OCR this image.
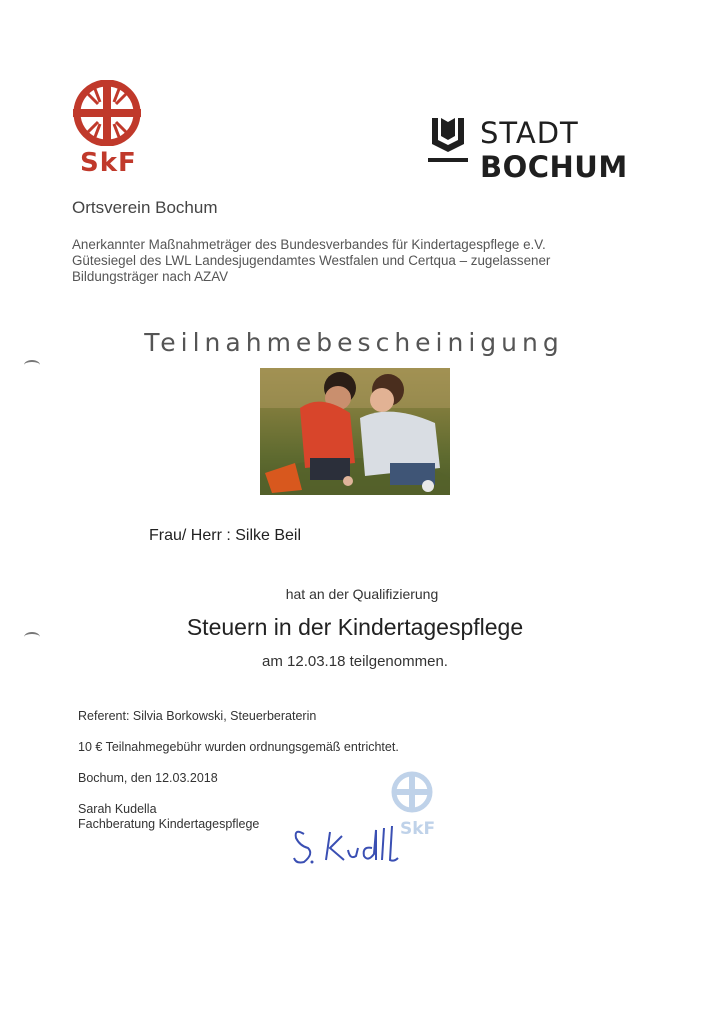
SkF
STADT
BOCHUM
Ortsverein Bochum
Anerkannter Maßnahmeträger des Bundesverbandes für Kindertagespflege e.V.
Gütesiegel des LWL Landesjugendamtes Westfalen und Certqua – zugelassener
Bildungsträger nach AZAV
Teilnahmebescheinigung
Frau/ Herr : Silke Beil
hat an der Qualifizierung
Steuern in der Kindertagespflege
am 12.03.18 teilgenommen.
Referent: Silvia Borkowski, Steuerberaterin
10 € Teilnahmegebühr wurden ordnungsgemäß entrichtet.
Bochum, den 12.03.2018
Sarah Kudella
Fachberatung Kindertagespflege	SkF
